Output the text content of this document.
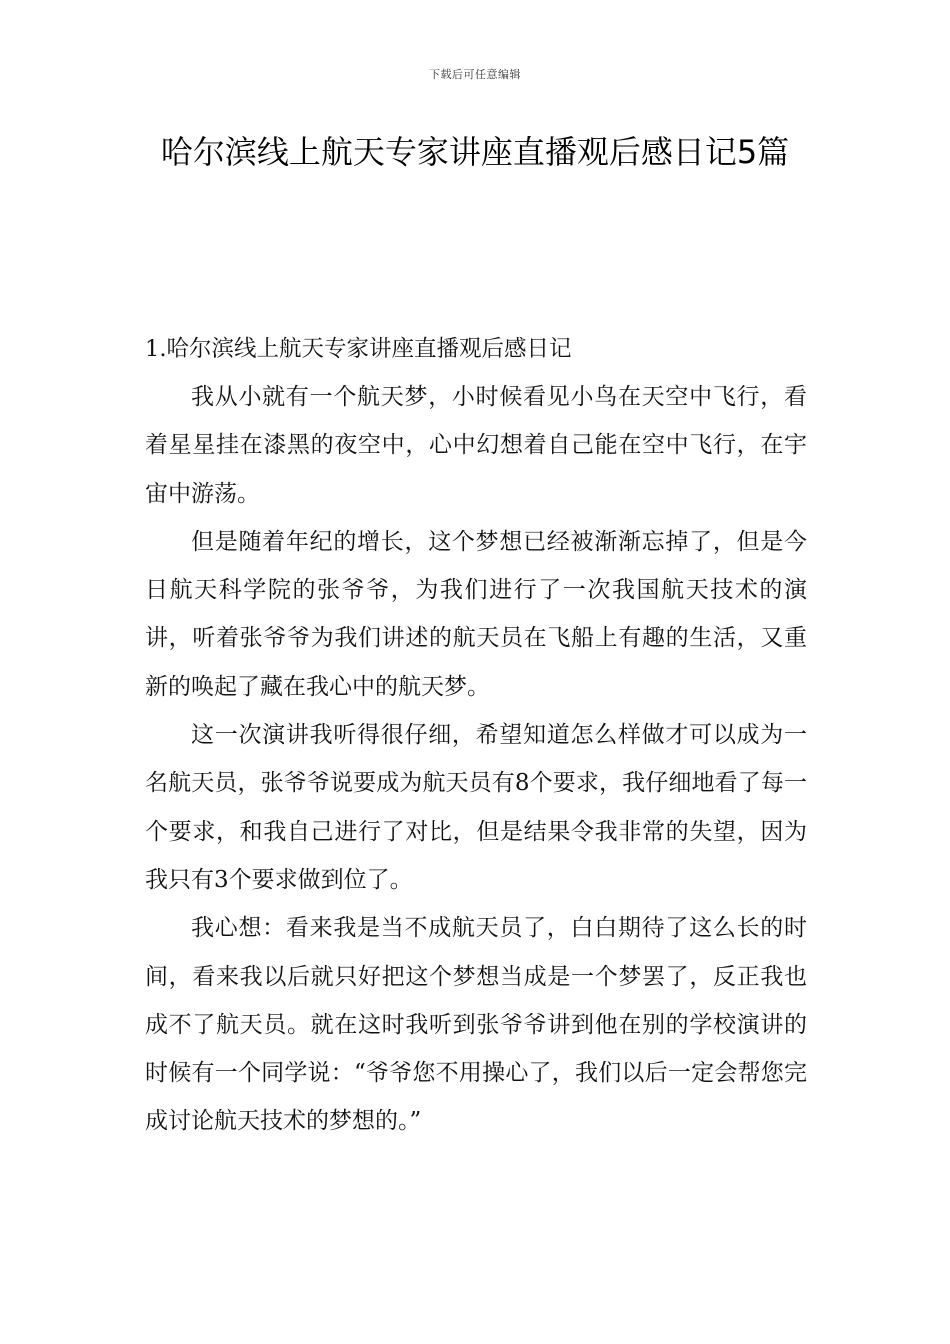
下载后可任意编辑
哈尔滨线上航天专家讲座直播观后感日记5篇

1.哈尔滨线上航天专家讲座直播观后感日记

我从小就有一个航天梦，小时候看见小鸟在天空中飞行，看着星星挂在漆黑的夜空中，心中幻想着自己能在空中飞行，在宇宙中游荡。

但是随着年纪的增长，这个梦想已经被渐渐忘掉了，但是今日航天科学院的张爷爷，为我们进行了一次我国航天技术的演讲，听着张爷爷为我们讲述的航天员在飞船上有趣的生活，又重新的唤起了藏在我心中的航天梦。

这一次演讲我听得很仔细，希望知道怎么样做才可以成为一名航天员，张爷爷说要成为航天员有8个要求，我仔细地看了每一个要求，和我自己进行了对比，但是结果令我非常的失望，因为我只有3个要求做到位了。

我心想：看来我是当不成航天员了，白白期待了这么长的时间，看来我以后就只好把这个梦想当成是一个梦罢了，反正我也成不了航天员。就在这时我听到张爷爷讲到他在别的学校演讲的时候有一个同学说：“爷爷您不用操心了，我们以后一定会帮您完成讨论航天技术的梦想的。”
